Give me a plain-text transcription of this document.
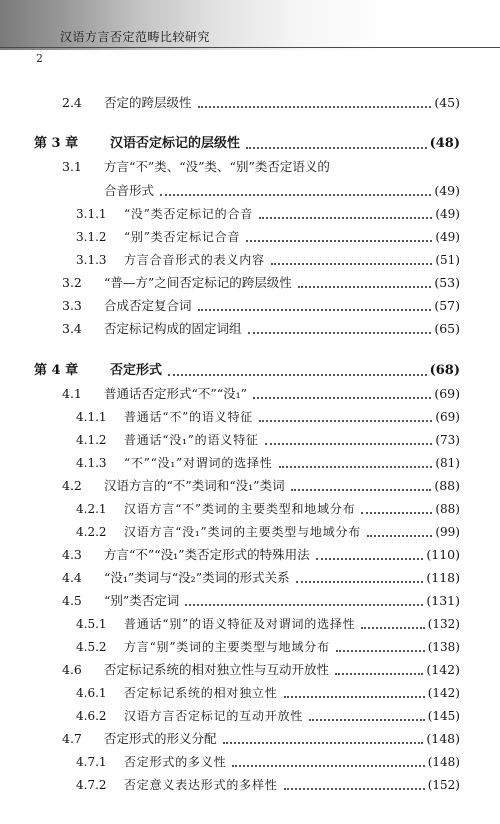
汉语方言否定范畴比较研究
2
2.4	否定的跨层级性	(45)
第 3 章	汉语否定标记的层级性	(48)
3.1	方言“不”类、“没”类、“别”类否定语义的
合音形式	(49)
3.1.1	“没”类否定标记的合音	(49)
3.1.2	“别”类否定标记合音	(49)
3.1.3	方言合音形式的表义内容	(51)
3.2	“普—方”之间否定标记的跨层级性	(53)
3.3	合成否定复合词	(57)
3.4	否定标记构成的固定词组	(65)
第 4 章	否定形式	(68)
4.1	普通话否定形式“不”“没₁”	(69)
4.1.1	普通话“不”的语义特征	(69)
4.1.2	普通话“没₁”的语义特征	(73)
4.1.3	“不”“没₁”对谓词的选择性	(81)
4.2	汉语方言的“不”类词和“没₁”类词	(88)
4.2.1	汉语方言“不”类词的主要类型和地域分布	(88)
4.2.2	汉语方言“没₁”类词的主要类型与地域分布	(99)
4.3	方言“不”“没₁”类否定形式的特殊用法	(110)
4.4	“没₁”类词与“没₂”类词的形式关系	(118)
4.5	“别”类否定词	(131)
4.5.1	普通话“别”的语义特征及对谓词的选择性	(132)
4.5.2	方言“别”类词的主要类型与地域分布	(138)
4.6	否定标记系统的相对独立性与互动开放性	(142)
4.6.1	否定标记系统的相对独立性	(142)
4.6.2	汉语方言否定标记的互动开放性	(145)
4.7	否定形式的形义分配	(148)
4.7.1	否定形式的多义性	(148)
4.7.2	否定意义表达形式的多样性	(152)
